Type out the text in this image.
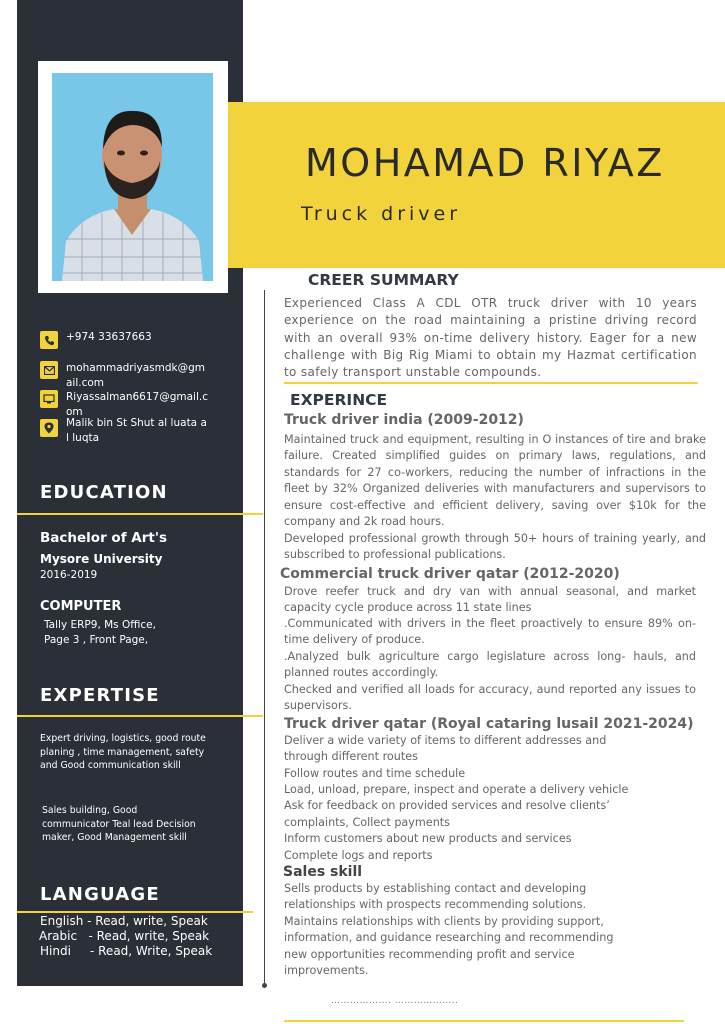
+974 33637663
mohammadriyasmdk@gmail.com
Riyassalman6617@gmail.com
Malik bin St Shut al luata al luqta
EDUCATION
Bachelor of Art's
Mysore University
2016-2019
COMPUTER
Tally ERP9, Ms Office, Page 3 , Front Page,
EXPERTISE
Expert driving, logistics, good route planing , time management, safety and Good communication skill
Sales building, Good communicator Teal lead Decision maker, Good Management skill
LANGUAGE
English - Read, write, Speak
Arabic   - Read, write, Speak
Hindi     - Read, Write, Speak
MOHAMAD RIYAZ
Truck driver
CREER SUMMARY

Experienced Class A CDL OTR truck driver with 10 years experience on the road maintaining a pristine driving record with an overall 93% on-time delivery history. Eager for a new challenge with Big Rig Miami to obtain my Hazmat certification to safely transport unstable compounds.

EXPERINCE
Truck driver india (2009-2012)

Maintained truck and equipment, resulting in O instances of tire and brake failure. Created simplified guides on primary laws, regulations, and standards for 27 co-workers, reducing the number of infractions in the fleet by 32% Organized deliveries with manufacturers and supervisors to ensure cost-effective and efficient delivery, saving over $10k for the company and 2k road hours.

Developed professional growth through 50+ hours of training yearly, and subscribed to professional publications.

Commercial truck driver qatar (2012-2020)

Drove reefer truck and dry van with annual seasonal, and market capacity cycle produce across 11 state lines

.Communicated with drivers in the fleet proactively to ensure 89% on-time delivery of produce.

.Analyzed bulk agriculture cargo legislature across long- hauls, and planned routes accordingly.

Checked and verified all loads for accuracy, aund reported any issues to supervisors.

Truck driver qatar (Royal cataring lusail 2021-2024)
Deliver a wide variety of items to different addresses and
through different routes
Follow routes and time schedule
Load, unload, prepare, inspect and operate a delivery vehicle
Ask for feedback on provided services and resolve clients’
complaints, Collect payments
Inform customers about new products and services
Complete logs and reports
Sales skill
Sells products by establishing contact and developing
relationships with prospects recommending solutions.
Maintains relationships with clients by providing support,
information, and guidance researching and recommending
new opportunities recommending profit and service
improvements.
………………. ………………..
